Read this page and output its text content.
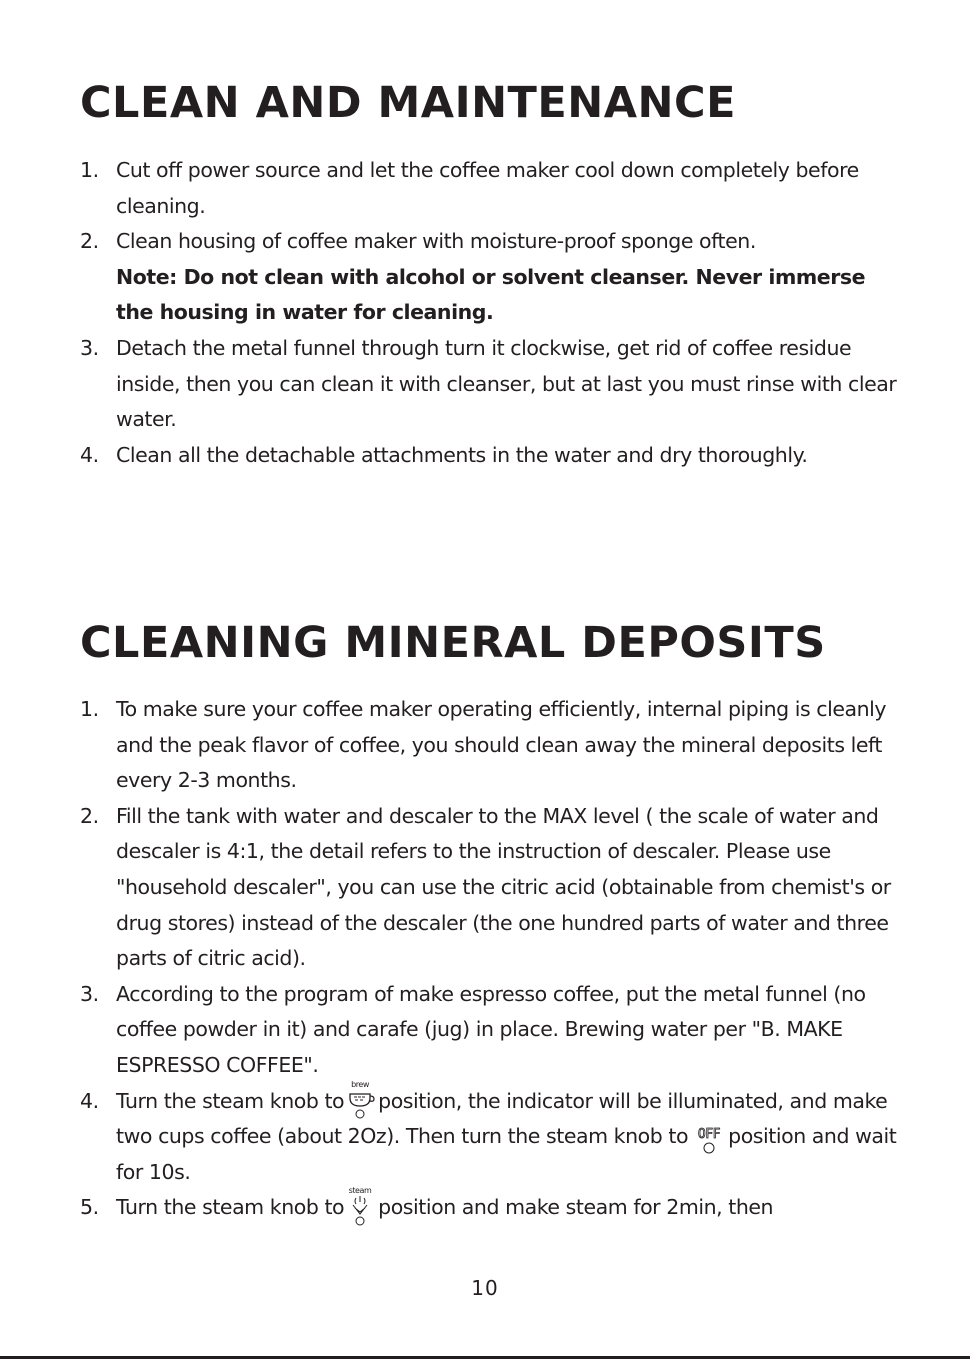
CLEAN AND MAINTENANCE
1. Cut off power source and let the coffee maker cool down completely before cleaning.
2. Clean housing of coffee maker with moisture-proof sponge often.
Note: Do not clean with alcohol or solvent cleanser. Never immerse the housing in water for cleaning.
3. Detach the metal funnel through turn it clockwise, get rid of coffee residue inside, then you can clean it with cleanser, but at last you must rinse with clear water.
4. Clean all the detachable attachments in the water and dry thoroughly.
CLEANING MINERAL DEPOSITS
1. To make sure your coffee maker operating efficiently, internal piping is cleanly and the peak flavor of coffee, you should clean away the mineral deposits left every 2-3 months.
2. Fill the tank with water and descaler to the MAX level ( the scale of water and descaler is 4:1, the detail refers to the instruction of descaler. Please use "household descaler", you can use the citric acid (obtainable from chemist's or drug stores) instead of the descaler (the one hundred parts of water and three parts of citric acid).
3. According to the program of make espresso coffee, put the metal funnel (no coffee powder in it) and carafe (jug) in place. Brewing water per "B. MAKE ESPRESSO COFFEE".
4. Turn the steam knob to
brew
position, the indicator will be illuminated, and make two cups coffee (about 2Oz). Then turn the steam knob to OFF position and wait for 10s.
5. Turn the steam knob to
steam
position and make steam for 2min, then
10
